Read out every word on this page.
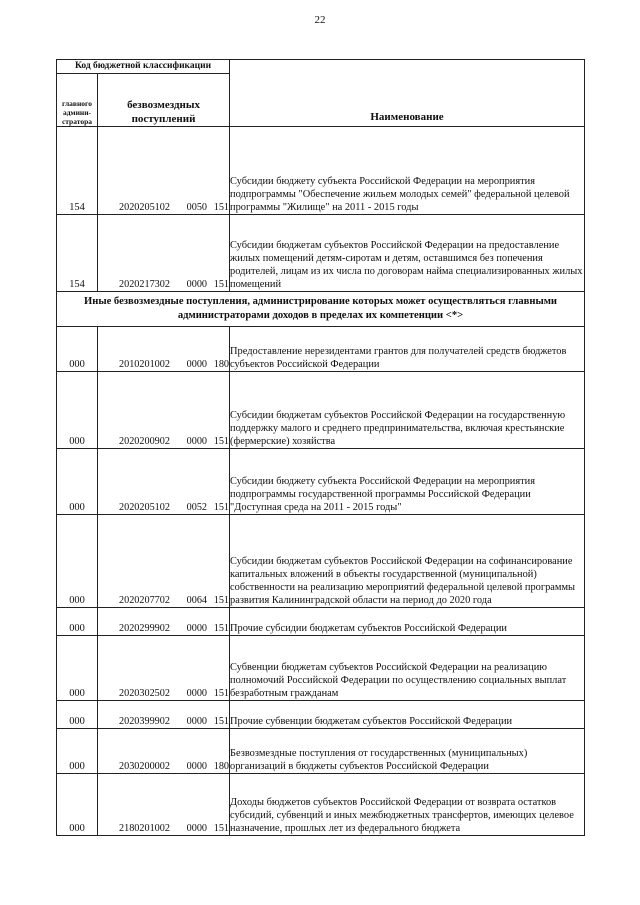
22
Код бюджетной классификации		Наименование
главного админи-стратора	безвозмездных поступлений	
154	2020205102 0050 151	Субсидии бюджету субъекта Российской Федерации на мероприятия подпрограммы "Обеспечение жильем молодых семей" федеральной целевой программы "Жилище" на 2011 - 2015 годы
154	2020217302 0000 151	Субсидии бюджетам субъектов Российской Федерации на предоставление жилых помещений детям-сиротам и детям, оставшимся без попечения родителей, лицам из их числа по договорам найма специализированных жилых помещений
Иные безвозмездные поступления, администрирование которых может осуществляться главными администраторами доходов в пределах их компетенции <*>		
000	2010201002 0000 180	Предоставление нерезидентами грантов для получателей средств бюджетов субъектов Российской Федерации
000	2020200902 0000 151	Субсидии бюджетам субъектов Российской Федерации на государственную поддержку малого и среднего предпринимательства, включая крестьянские (фермерские) хозяйства
000	2020205102 0052 151	Субсидии бюджету субъекта Российской Федерации на мероприятия подпрограммы государственной программы Российской Федерации "Доступная среда на 2011 - 2015 годы"
000	2020207702 0064 151	Субсидии бюджетам субъектов Российской Федерации на софинансирование капитальных вложений в объекты государственной (муниципальной) собственности на реализацию мероприятий федеральной целевой программы развития Калининградской области на период до 2020 года
000	2020299902 0000 151	Прочие субсидии бюджетам субъектов Российской Федерации
000	2020302502 0000 151	Субвенции бюджетам субъектов Российской Федерации на реализацию полномочий Российской Федерации по осуществлению социальных выплат безработным гражданам
000	2020399902 0000 151	Прочие субвенции бюджетам субъектов Российской Федерации
000	2030200002 0000 180	Безвозмездные поступления от государственных (муниципальных) организаций в бюджеты субъектов Российской Федерации
000	2180201002 0000 151	Доходы бюджетов субъектов Российской Федерации от возврата остатков субсидий, субвенций и иных межбюджетных трансфертов, имеющих целевое назначение, прошлых лет из федерального бюджета
